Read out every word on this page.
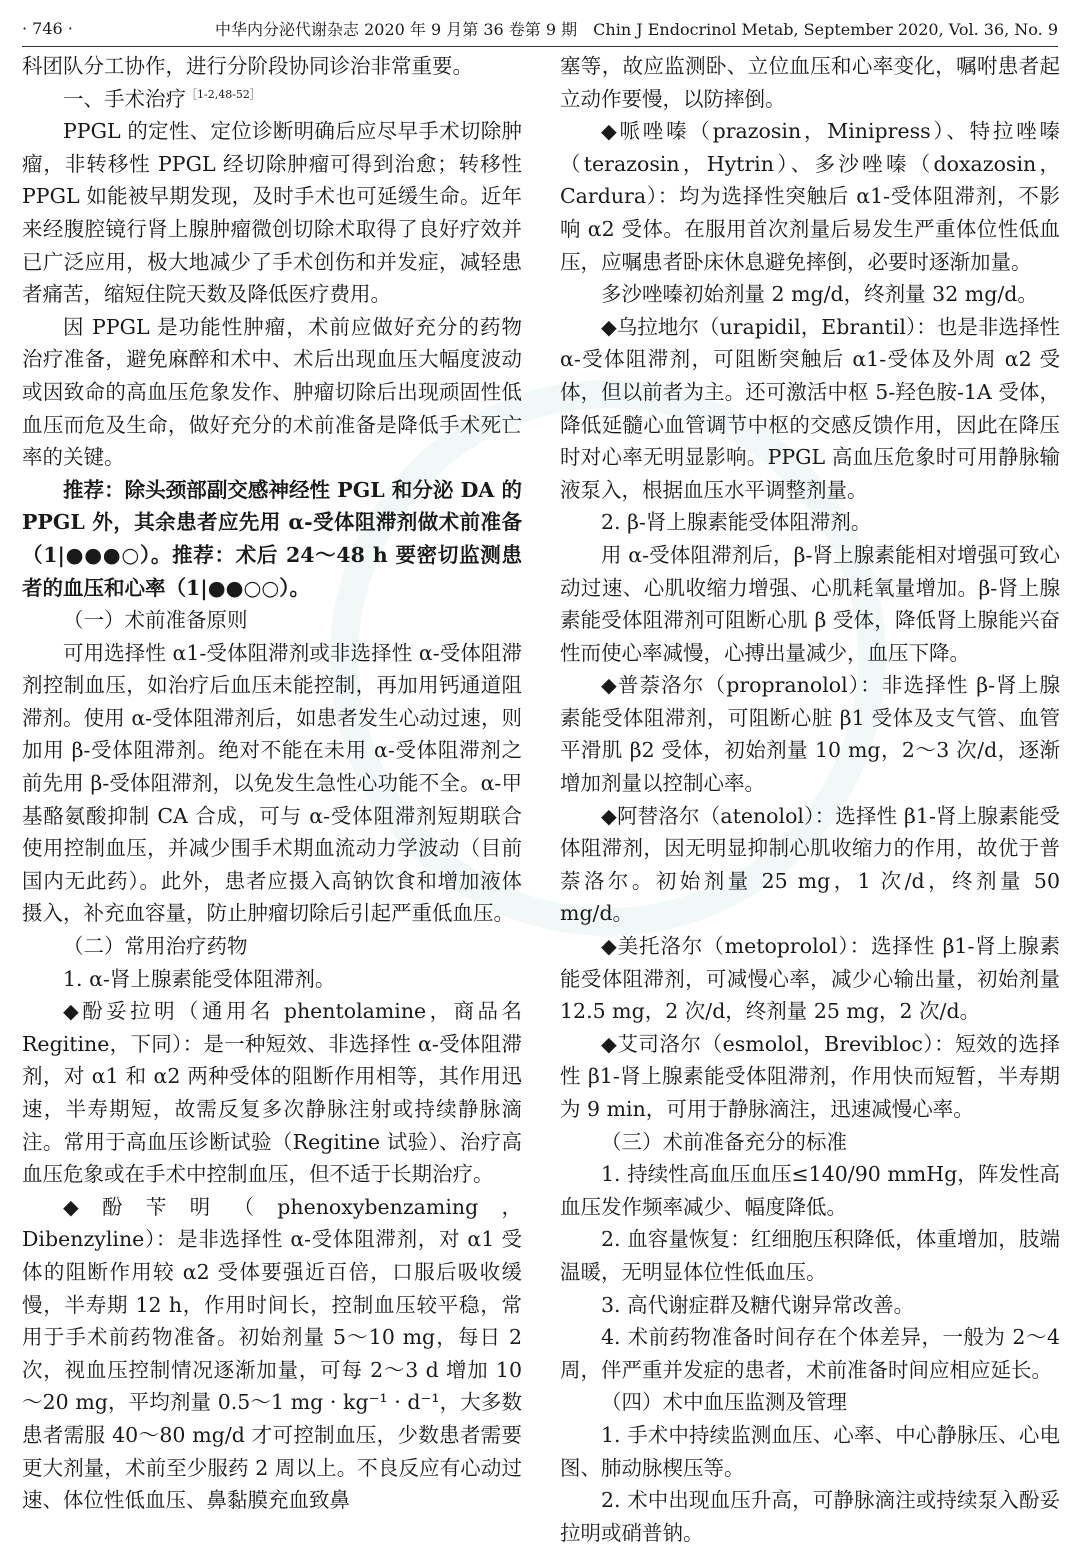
· 746 ·	中华内分泌代谢杂志 2020 年 9 月第 36 卷第 9 期　Chin J Endocrinol Metab, September 2020, Vol. 36, No. 9

科团队分工协作，进行分阶段协同诊治非常重要。

一、手术治疗$^{[1-2,48-52]}$

PPGL 的定性、定位诊断明确后应尽早手术切除肿瘤，非转移性 PPGL 经切除肿瘤可得到治愈；转移性 PPGL 如能被早期发现，及时手术也可延缓生命。近年来经腹腔镜行肾上腺肿瘤微创切除术取得了良好疗效并已广泛应用，极大地减少了手术创伤和并发症，减轻患者痛苦，缩短住院天数及降低医疗费用。

因 PPGL 是功能性肿瘤，术前应做好充分的药物治疗准备，避免麻醉和术中、术后出现血压大幅度波动或因致命的高血压危象发作、肿瘤切除后出现顽固性低血压而危及生命，做好充分的术前准备是降低手术死亡率的关键。

推荐：除头颈部副交感神经性 PGL 和分泌 DA 的 PPGL 外，其余患者应先用 α-受体阻滞剂做术前准备（1|●●●○）。推荐：术后 24～48 h 要密切监测患者的血压和心率（1|●●○○）。

（一）术前准备原则

可用选择性 α1-受体阻滞剂或非选择性 α-受体阻滞剂控制血压，如治疗后血压未能控制，再加用钙通道阻滞剂。使用 α-受体阻滞剂后，如患者发生心动过速，则加用 β-受体阻滞剂。绝对不能在未用 α-受体阻滞剂之前先用 β-受体阻滞剂，以免发生急性心功能不全。α-甲基酪氨酸抑制 CA 合成，可与 α-受体阻滞剂短期联合使用控制血压，并减少围手术期血流动力学波动（目前国内无此药）。此外，患者应摄入高钠饮食和增加液体摄入，补充血容量，防止肿瘤切除后引起严重低血压。

（二）常用治疗药物

1. α-肾上腺素能受体阻滞剂。

◆酚妥拉明（通用名 phentolamine，商品名 Regitine，下同）：是一种短效、非选择性 α-受体阻滞剂，对 α1 和 α2 两种受体的阻断作用相等，其作用迅速，半寿期短，故需反复多次静脉注射或持续静脉滴注。常用于高血压诊断试验（Regitine 试验）、治疗高血压危象或在手术中控制血压，但不适于长期治疗。

◆酚苄明（phenoxybenzaming，Dibenzyline）：是非选择性 α-受体阻滞剂，对 α1 受体的阻断作用较 α2 受体要强近百倍，口服后吸收缓慢，半寿期 12 h，作用时间长，控制血压较平稳，常用于手术前药物准备。初始剂量 5～10 mg，每日 2 次，视血压控制情况逐渐加量，可每 2～3 d 增加 10～20 mg，平均剂量 0.5～1 mg · kg⁻¹ · d⁻¹，大多数患者需服 40～80 mg/d 才可控制血压，少数患者需要更大剂量，术前至少服药 2 周以上。不良反应有心动过速、体位性低血压、鼻黏膜充血致鼻

塞等，故应监测卧、立位血压和心率变化，嘱咐患者起立动作要慢，以防摔倒。

◆哌唑嗪（prazosin，Minipress）、特拉唑嗪（terazosin，Hytrin）、多沙唑嗪（doxazosin，Cardura）：均为选择性突触后 α1-受体阻滞剂，不影响 α2 受体。在服用首次剂量后易发生严重体位性低血压，应嘱患者卧床休息避免摔倒，必要时逐渐加量。

多沙唑嗪初始剂量 2 mg/d，终剂量 32 mg/d。

◆乌拉地尔（urapidil，Ebrantil）：也是非选择性 α-受体阻滞剂，可阻断突触后 α1-受体及外周 α2 受体，但以前者为主。还可激活中枢 5-羟色胺-1A 受体，降低延髓心血管调节中枢的交感反馈作用，因此在降压时对心率无明显影响。PPGL 高血压危象时可用静脉输液泵入，根据血压水平调整剂量。

2. β-肾上腺素能受体阻滞剂。

用 α-受体阻滞剂后，β-肾上腺素能相对增强可致心动过速、心肌收缩力增强、心肌耗氧量增加。β-肾上腺素能受体阻滞剂可阻断心肌 β 受体，降低肾上腺能兴奋性而使心率减慢，心搏出量减少，血压下降。

◆普萘洛尔（propranolol）：非选择性 β-肾上腺素能受体阻滞剂，可阻断心脏 β1 受体及支气管、血管平滑肌 β2 受体，初始剂量 10 mg，2～3 次/d，逐渐增加剂量以控制心率。

◆阿替洛尔（atenolol）：选择性 β1-肾上腺素能受体阻滞剂，因无明显抑制心肌收缩力的作用，故优于普萘洛尔。初始剂量 25 mg，1 次/d，终剂量 50 mg/d。

◆美托洛尔（metoprolol）：选择性 β1-肾上腺素能受体阻滞剂，可减慢心率，减少心输出量，初始剂量 12.5 mg，2 次/d，终剂量 25 mg，2 次/d。

◆艾司洛尔（esmolol，Brevibloc）：短效的选择性 β1-肾上腺素能受体阻滞剂，作用快而短暂，半寿期为 9 min，可用于静脉滴注，迅速减慢心率。

（三）术前准备充分的标准

1. 持续性高血压血压≤140/90 mmHg，阵发性高血压发作频率减少、幅度降低。

2. 血容量恢复：红细胞压积降低，体重增加，肢端温暖，无明显体位性低血压。

3. 高代谢症群及糖代谢异常改善。

4. 术前药物准备时间存在个体差异，一般为 2～4 周，伴严重并发症的患者，术前准备时间应相应延长。

（四）术中血压监测及管理

1. 手术中持续监测血压、心率、中心静脉压、心电图、肺动脉楔压等。

2. 术中出现血压升高，可静脉滴注或持续泵入酚妥拉明或硝普钠。
